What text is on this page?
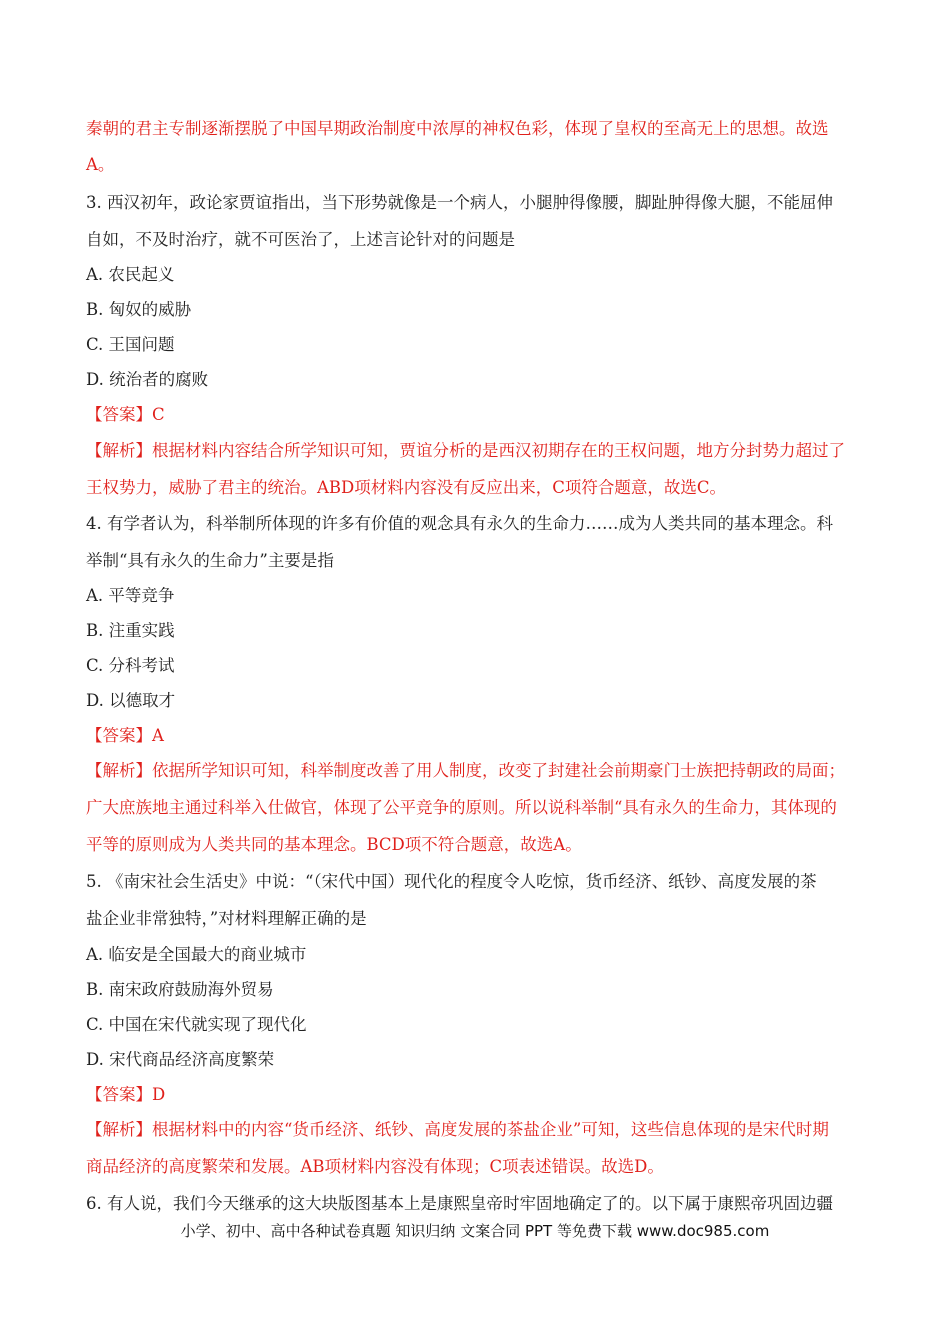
秦朝的君主专制逐渐摆脱了中国早期政治制度中浓厚的神权色彩，体现了皇权的至高无上的思想。故选
A。
3. 西汉初年，政论家贾谊指出，当下形势就像是一个病人，小腿肿得像腰，脚趾肿得像大腿，不能屈伸
自如，不及时治疗，就不可医治了，上述言论针对的问题是
A. 农民起义
B. 匈奴的威胁
C. 王国问题
D. 统治者的腐败
【答案】C
【解析】根据材料内容结合所学知识可知，贾谊分析的是西汉初期存在的王权问题，地方分封势力超过了
王权势力，威胁了君主的统治。ABD项材料内容没有反应出来，C项符合题意，故选C。
4. 有学者认为，科举制所体现的许多有价值的观念具有永久的生命力……成为人类共同的基本理念。科
举制“具有永久的生命力”主要是指
A. 平等竞争
B. 注重实践
C. 分科考试
D. 以德取才
【答案】A
【解析】依据所学知识可知，科举制度改善了用人制度，改变了封建社会前期豪门士族把持朝政的局面；
广大庶族地主通过科举入仕做官，体现了公平竞争的原则。所以说科举制“具有永久的生命力，其体现的
平等的原则成为人类共同的基本理念。BCD项不符合题意，故选A。
5. 《南宋社会生活史》中说：“（宋代中国）现代化的程度令人吃惊，货币经济、纸钞、高度发展的茶
盐企业非常独特，”对材料理解正确的是
A. 临安是全国最大的商业城市
B. 南宋政府鼓励海外贸易
C. 中国在宋代就实现了现代化
D. 宋代商品经济高度繁荣
【答案】D
【解析】根据材料中的内容“货币经济、纸钞、高度发展的茶盐企业”可知，这些信息体现的是宋代时期
商品经济的高度繁荣和发展。AB项材料内容没有体现；C项表述错误。故选D。
6. 有人说，我们今天继承的这大块版图基本上是康熙皇帝时牢固地确定了的。以下属于康熙帝巩固边疆
小学、初中、高中各种试卷真题 知识归纳 文案合同 PPT 等免费下载 www.doc985.com
